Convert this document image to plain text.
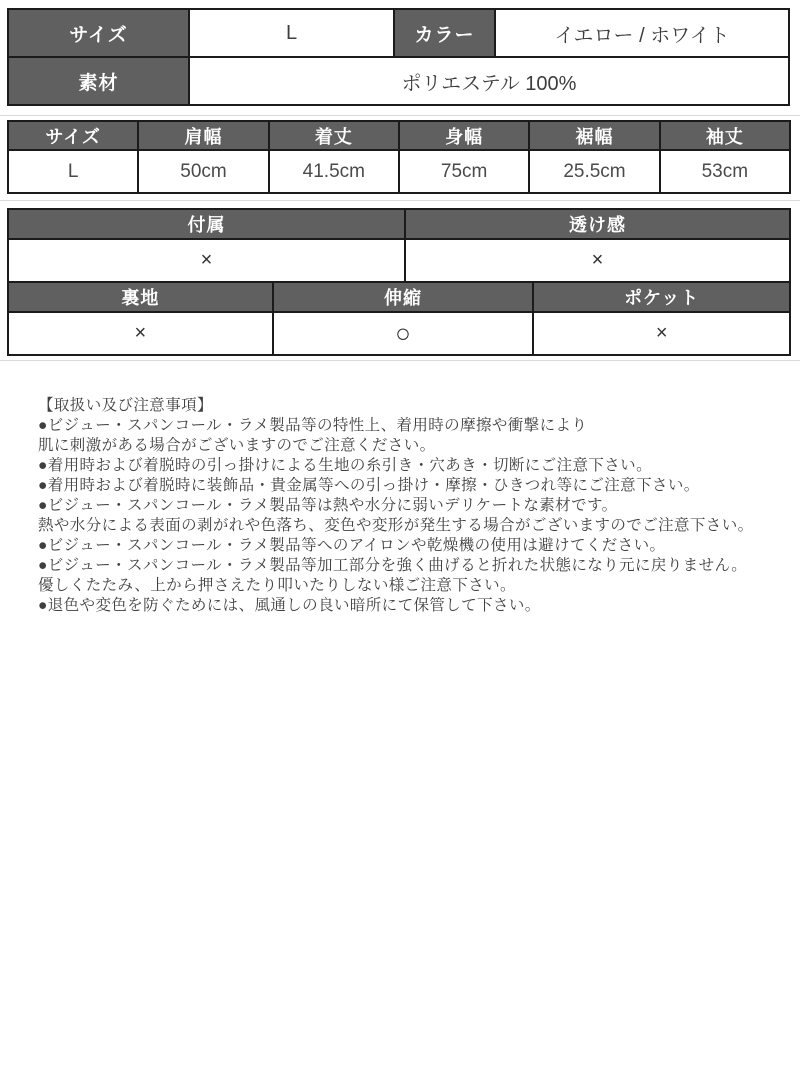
サイズ	L	カラー	イエロー / ホワイト
素材	ポリエステル 100%		
サイズ	肩幅	着丈	身幅	裾幅	袖丈
L	50cm	41.5cm	75cm	25.5cm	53cm
付属		透け感	
×		×	
裏地	伸縮		ポケット
×	○		×
【取扱い及び注意事項】
●ビジュー・スパンコール・ラメ製品等の特性上、着用時の摩擦や衝撃により
肌に刺激がある場合がございますのでご注意ください。
●着用時および着脱時の引っ掛けによる生地の糸引き・穴あき・切断にご注意下さい。
●着用時および着脱時に装飾品・貴金属等への引っ掛け・摩擦・ひきつれ等にご注意下さい。
●ビジュー・スパンコール・ラメ製品等は熱や水分に弱いデリケートな素材です。
熱や水分による表面の剥がれや色落ち、変色や変形が発生する場合がございますのでご注意下さい。
●ビジュー・スパンコール・ラメ製品等へのアイロンや乾燥機の使用は避けてください。
●ビジュー・スパンコール・ラメ製品等加工部分を強く曲げると折れた状態になり元に戻りません。
優しくたたみ、上から押さえたり叩いたりしない様ご注意下さい。
●退色や変色を防ぐためには、風通しの良い暗所にて保管して下さい。
